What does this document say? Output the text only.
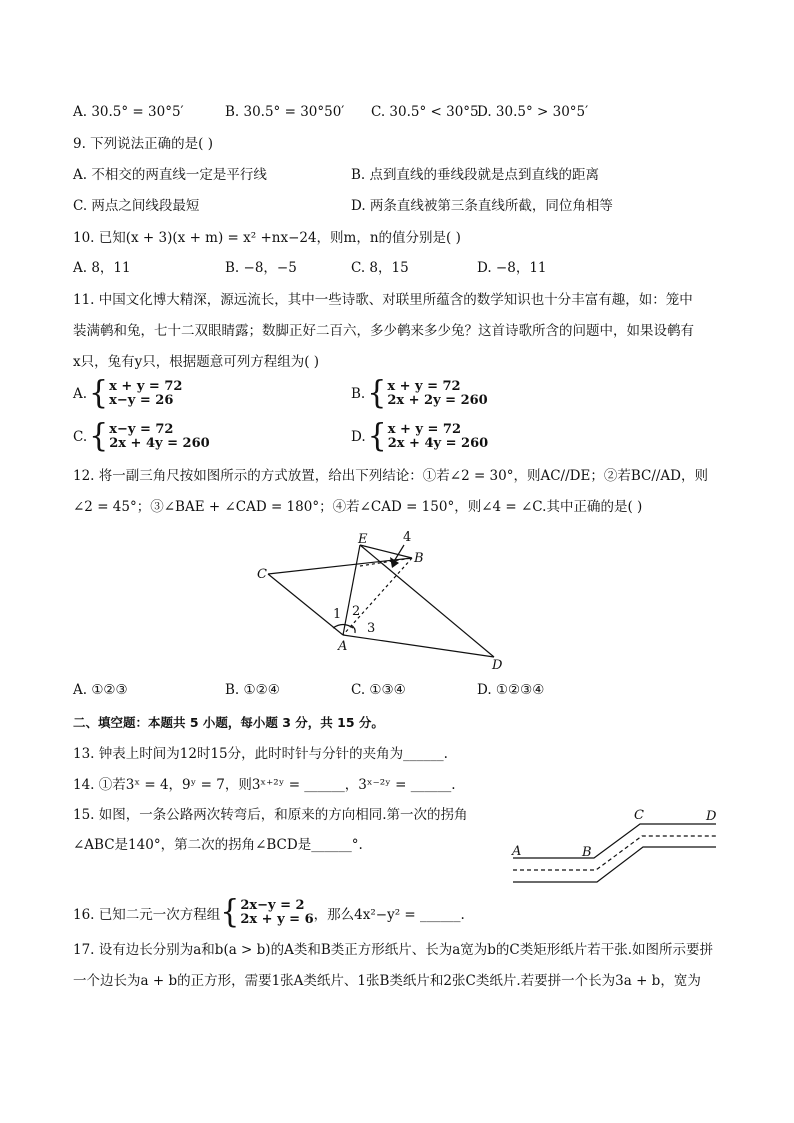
A. 30.5° = 30°5′	B. 30.5° = 30°50′ C. 30.5° < 30°5′
D. 30.5° > 30°5′
9. 下列说法正确的是( )
A. 不相交的两直线一定是平行线	B. 点到直线的垂线段就是点到直线的距离
C. 两点之间线段最短	D. 两条直线被第三条直线所截，同位角相等
10. 已知(x + 3)(x + m) = x² +nx−24，则m，n的值分别是( )
A. 8，11	B. −8，−5	C. 8，15	D. −8，11
11. 中国文化博大精深，源远流长，其中一些诗歌、对联里所蕴含的数学知识也十分丰富有趣，如：笼中
装满鹌和兔，七十二双眼睛露；数脚正好二百六，多少鹌来多少兔？这首诗歌所含的问题中，如果设鹌有
x只，兔有y只，根据题意可列方程组为( )
A. { x + y = 72
x−y = 26	B. { x + y = 72
2x + 2y = 260
C. { x−y = 72
2x + 4y = 260	D. { x + y = 72
2x + 4y = 260
12. 将一副三角尺按如图所示的方式放置，给出下列结论：①若∠2 = 30°，则AC//DE；②若BC//AD，则
∠2 = 45°；③∠BAE + ∠CAD = 180°；④若∠CAD = 150°，则∠4 = ∠C.其中正确的是( )
C
E
B
A
D
1 2
3
4
A. ①②③	B. ①②④	C. ①③④	D. ①②③④
二、填空题：本题共 5 小题，每小题 3 分，共 15 分。
13. 钟表上时间为12时15分，此时时针与分针的夹角为______.
14. ①若3ˣ = 4，9ʸ = 7，则3ˣ⁺²ʸ = ______，3ˣ⁻²ʸ = ______.
15. 如图，一条公路两次转弯后，和原来的方向相同.第一次的拐角
∠ABC是140°，第二次的拐角∠BCD是______°.	A	B
C	D
16. 已知二元一次方程组 { 2x−y = 2
2x + y = 6 ，那么4x²−y² = ______.
17. 设有边长分别为a和b(a > b)的A类和B类正方形纸片、长为a宽为b的C类矩形纸片若干张.如图所示要拼
一个边长为a + b的正方形，需要1张A类纸片、1张B类纸片和2张C类纸片.若要拼一个长为3a + b，宽为
